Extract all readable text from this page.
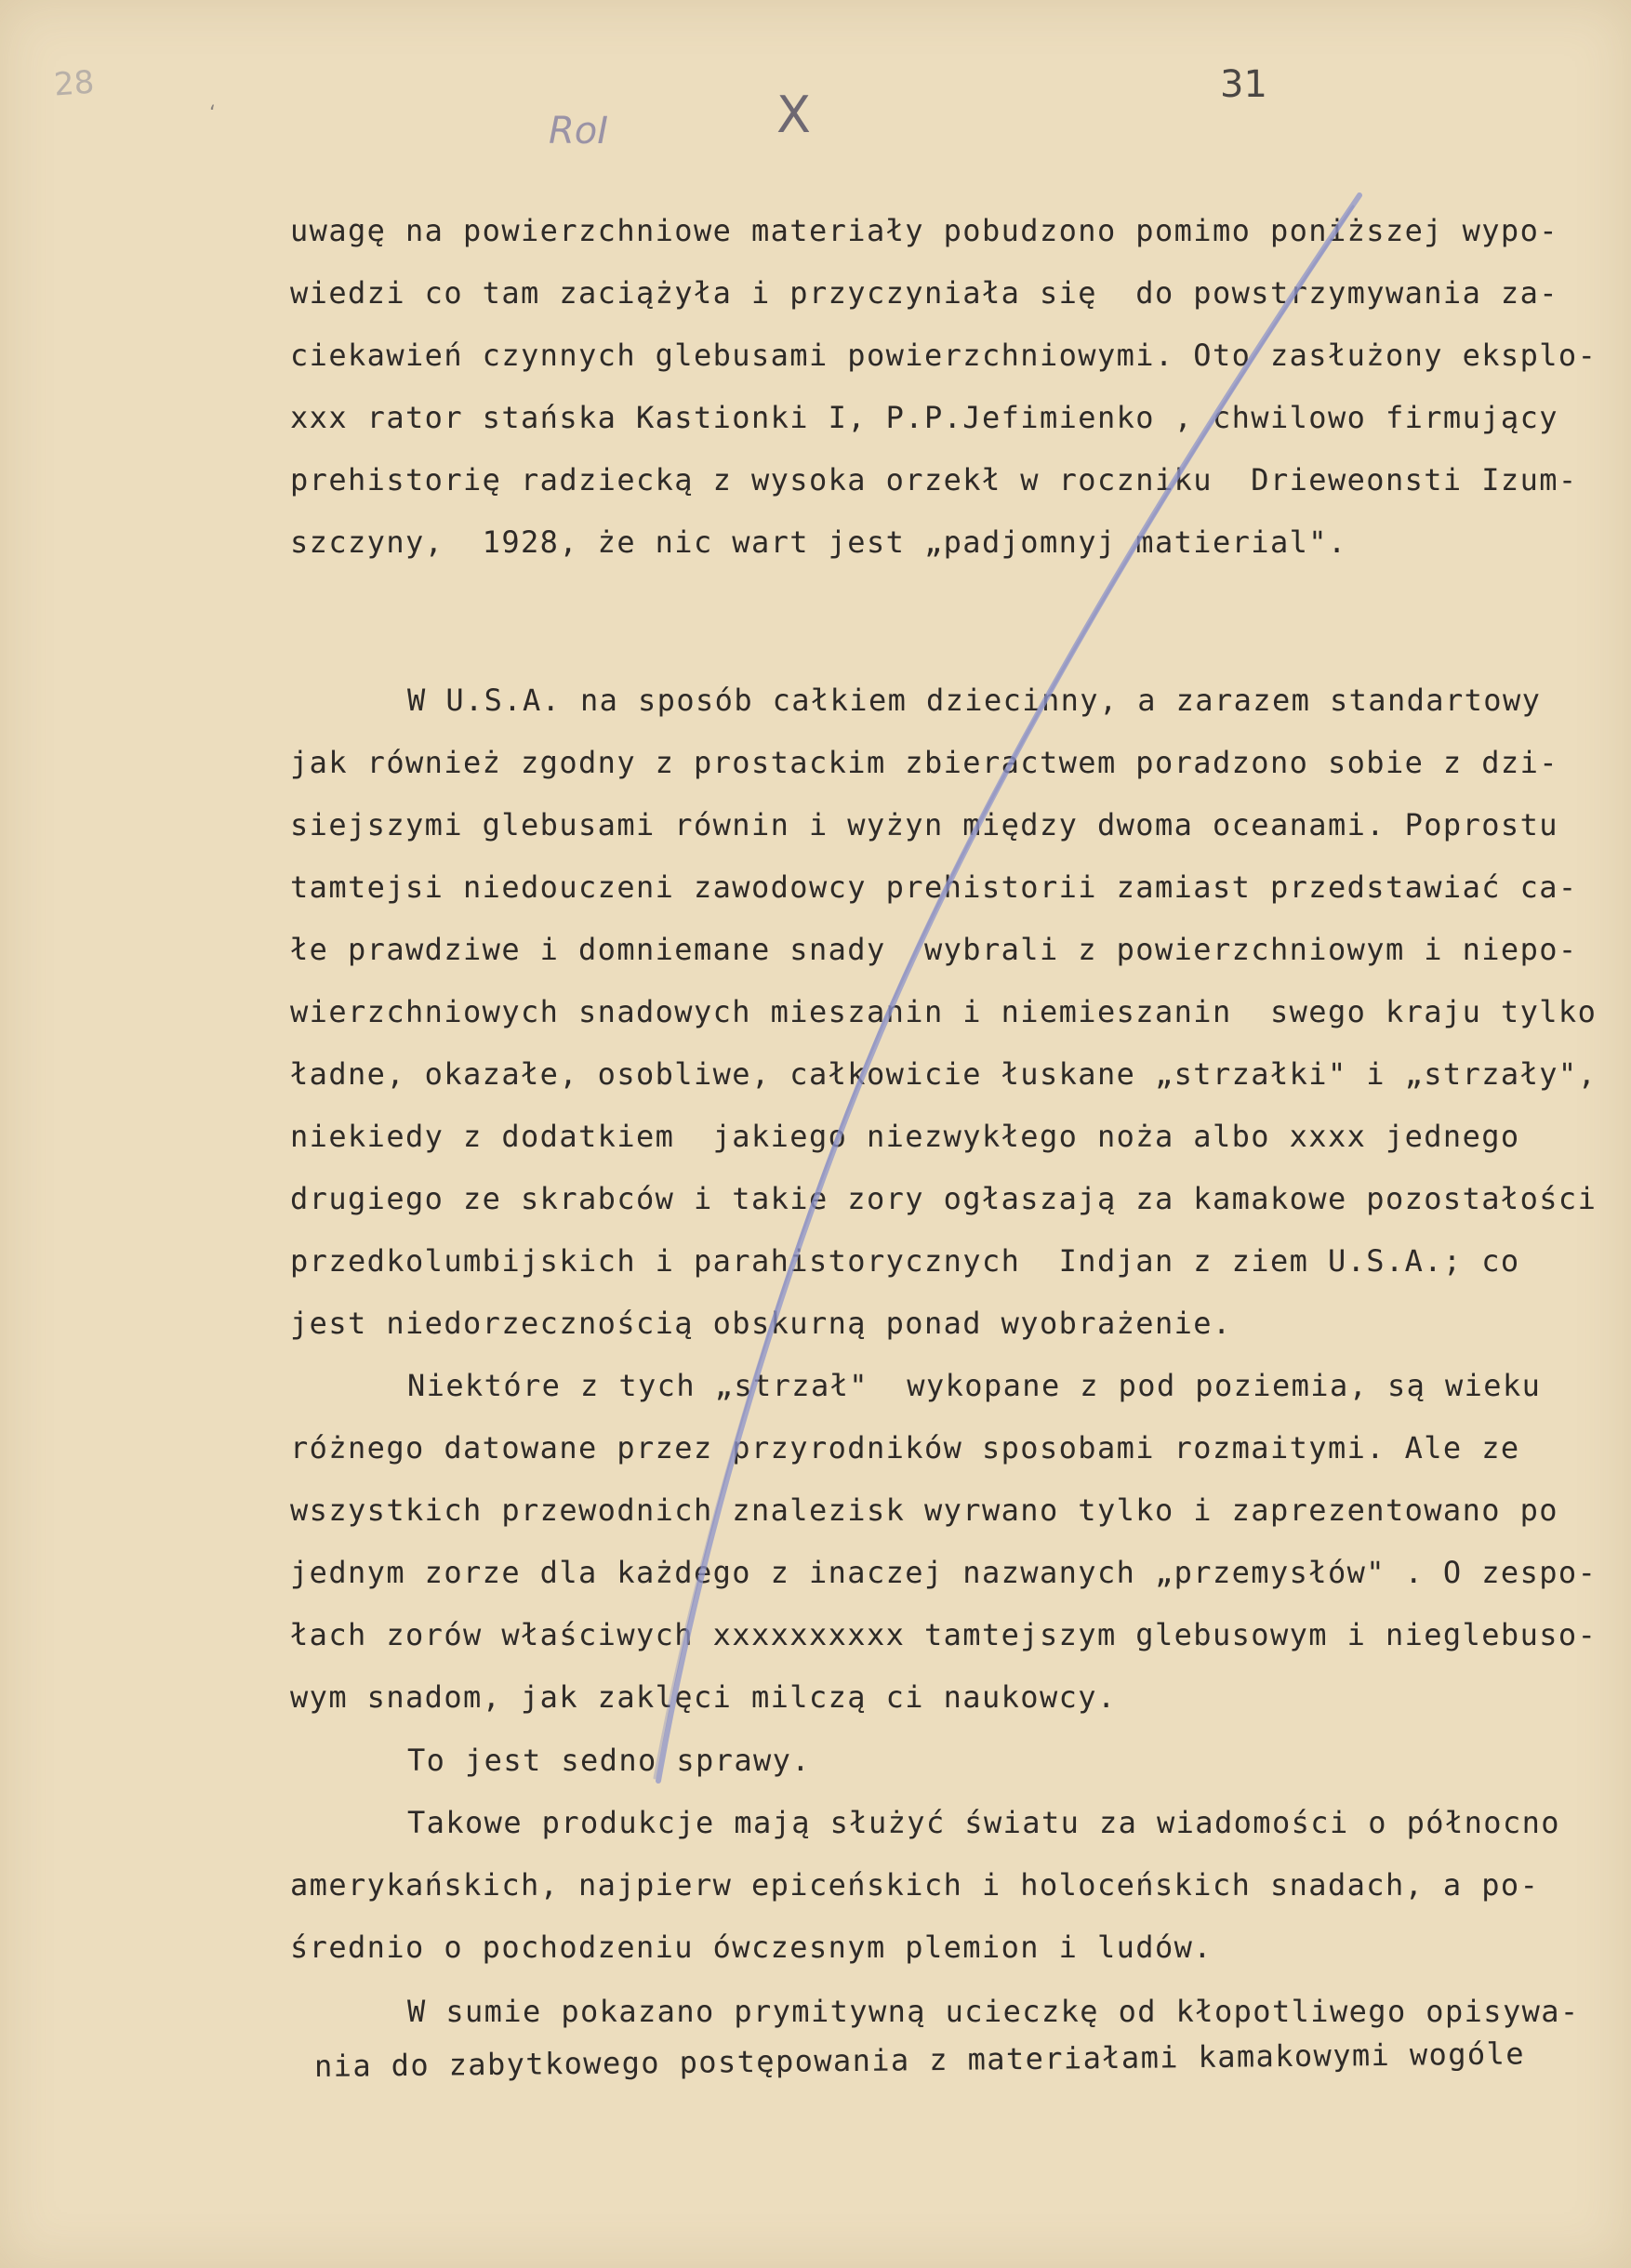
28	31
RoI	X
‘
uwagę na powierzchniowe materiały pobudzono pomimo poniższej wypo-
wiedzi co tam zaciążyła i przyczyniała się  do powstrzymywania za-
ciekawień czynnych glebusami powierzchniowymi. Oto zasłużony eksplo-
xxx rator stańska Kastionki I, P.P.Jefimienko , chwilowo firmujący
prehistorię radziecką z wysoka orzekł w roczniku  Drieweonsti Izum-
szczyny,  1928, że nic wart jest „padjomnyj matierial".
W U.S.A. na sposób całkiem dziecinny, a zarazem standartowy
jak również zgodny z prostackim zbieractwem poradzono sobie z dzi-
siejszymi glebusami równin i wyżyn między dwoma oceanami. Poprostu
tamtejsi niedouczeni zawodowcy prehistorii zamiast przedstawiać ca-
łe prawdziwe i domniemane snady  wybrali z powierzchniowym i niepo-
wierzchniowych snadowych mieszanin i niemieszanin  swego kraju tylko
ładne, okazałe, osobliwe, całkowicie łuskane „strzałki" i „strzały",
niekiedy z dodatkiem  jakiego niezwykłego noża albo xxxx jednego
drugiego ze skrabców i takie zory ogłaszają za kamakowe pozostałości
przedkolumbijskich i parahistorycznych  Indjan z ziem U.S.A.; co
jest niedorzecznością obskurną ponad wyobrażenie.
Niektóre z tych „strzał"  wykopane z pod poziemia, są wieku
różnego datowane przez przyrodników sposobami rozmaitymi. Ale ze
wszystkich przewodnich znalezisk wyrwano tylko i zaprezentowano po
jednym zorze dla każdego z inaczej nazwanych „przemysłów" . O zespo-
łach zorów właściwych xxxxxxxxxx tamtejszym glebusowym i nieglebuso-
wym snadom, jak zaklęci milczą ci naukowcy.
To jest sedno sprawy.
Takowe produkcje mają służyć światu za wiadomości o północno
amerykańskich, najpierw epiceńskich i holoceńskich snadach, a po-
średnio o pochodzeniu ówczesnym plemion i ludów.
W sumie pokazano prymitywną ucieczkę od kłopotliwego opisywa-
nia do zabytkowego postępowania z materiałami kamakowymi wogóle
